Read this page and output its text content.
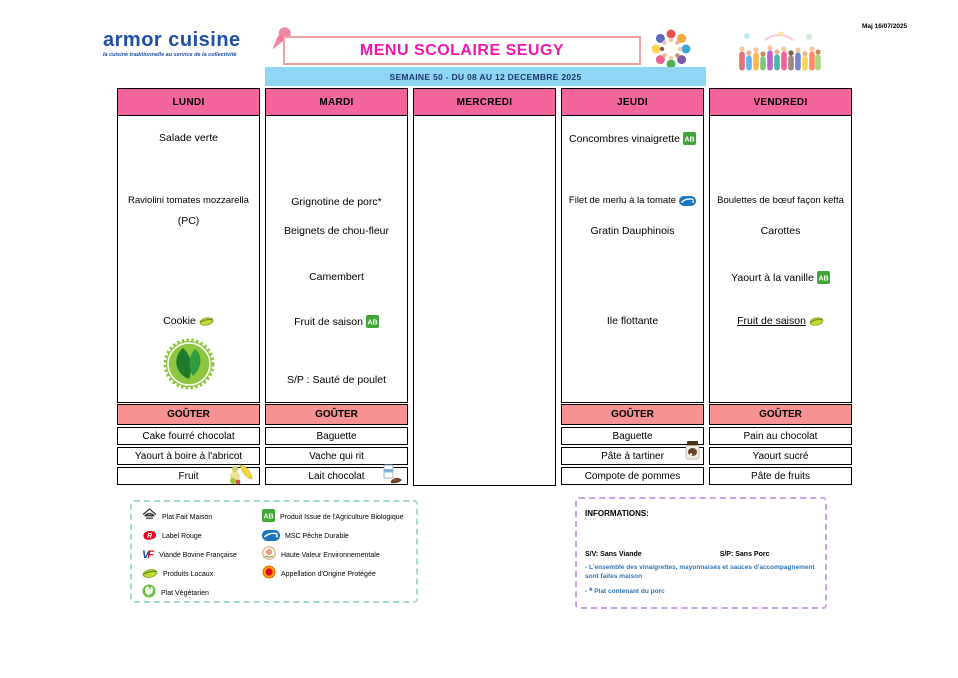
armor cuisine
la cuisine traditionnelle au service de la collectivité
Maj 16/07/2025
MENU SCOLAIRE SEUGY
SEMAINE 50 - DU 08 AU 12 DECEMBRE 2025
LUNDI
Salade verte
Raviolini tomates mozzarella
(PC)
Cookie
GOÛTER
Cake fourré chocolat
Yaourt à boire à l'abricot
Fruit
MARDI
Grignotine de porc*
Beignets de chou-fleur
Camembert
Fruit de saison AB
S/P : Sauté de poulet
GOÛTER
Baguette
Vache qui rit
Lait chocolat
MERCREDI	JEUDI
Concombres vinaigrette AB
Filet de merlu à la tomate
Gratin Dauphinois
Ile flottante
GOÛTER
Baguette
Pâte à tartiner
Compote de pommes
VENDREDI
Boulettes de bœuf façon kefta
Carottes
Yaourt à la vanille AB
Fruit de saison
GOÛTER
Pain au chocolat
Yaourt sucré
Pâte de fruits
Plat Fait Maison
R Label Rouge
VF Viande Bovine Française
Produits Locaux
Plat Végétarien
AB Produit Issue de l'Agriculture Biologique
MSC Pêche Durable
Haute Valeur Environnementale
Appellation d'Origine Protégée
INFORMATIONS:
S/V: Sans Viande	S/P: Sans Porc
- L'ensemble des vinaigrettes, mayonnaises et sauces d'accompagnement sont faites maison
- * Plat contenant du porc
